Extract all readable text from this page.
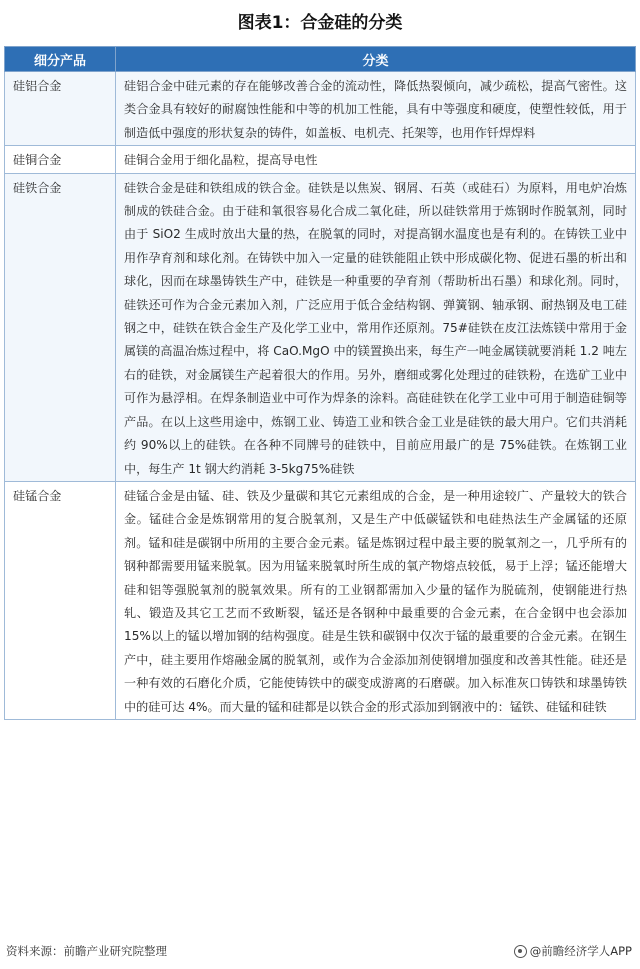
图表1：合金硅的分类
细分产品	分类
硅铝合金	硅铝合金中硅元素的存在能够改善合金的流动性，降低热裂倾向，减少疏松，提高气密性。这类合金具有较好的耐腐蚀性能和中等的机加工性能，具有中等强度和硬度，使塑性较低，用于制造低中强度的形状复杂的铸件，如盖板、电机壳、托架等，也用作钎焊焊料
硅铜合金	硅铜合金用于细化晶粒，提高导电性
硅铁合金	硅铁合金是硅和铁组成的铁合金。硅铁是以焦炭、钢屑、石英（或硅石）为原料，用电炉冶炼制成的铁硅合金。由于硅和氧很容易化合成二氧化硅，所以硅铁常用于炼钢时作脱氧剂，同时由于 SiO2 生成时放出大量的热，在脱氧的同时，对提高钢水温度也是有利的。在铸铁工业中用作孕育剂和球化剂。在铸铁中加入一定量的硅铁能阻止铁中形成碳化物、促进石墨的析出和球化，因而在球墨铸铁生产中，硅铁是一种重要的孕育剂（帮助析出石墨）和球化剂。同时，硅铁还可作为合金元素加入剂，广泛应用于低合金结构钢、弹簧钢、轴承钢、耐热钢及电工硅钢之中，硅铁在铁合金生产及化学工业中，常用作还原剂。75#硅铁在皮江法炼镁中常用于金属镁的高温冶炼过程中，将 CaO.MgO 中的镁置换出来，每生产一吨金属镁就要消耗 1.2 吨左右的硅铁，对金属镁生产起着很大的作用。另外，磨细或雾化处理过的硅铁粉，在选矿工业中可作为悬浮相。在焊条制造业中可作为焊条的涂料。高硅硅铁在化学工业中可用于制造硅铜等产品。在以上这些用途中，炼钢工业、铸造工业和铁合金工业是硅铁的最大用户。它们共消耗约 90%以上的硅铁。在各种不同牌号的硅铁中，目前应用最广的是 75%硅铁。在炼钢工业中，每生产 1t 钢大约消耗 3-5kg75%硅铁
硅锰合金	硅锰合金是由锰、硅、铁及少量碳和其它元素组成的合金，是一种用途较广、产量较大的铁合金。锰硅合金是炼钢常用的复合脱氧剂，又是生产中低碳锰铁和电硅热法生产金属锰的还原剂。锰和硅是碳钢中所用的主要合金元素。锰是炼钢过程中最主要的脱氧剂之一，几乎所有的钢种都需要用锰来脱氧。因为用锰来脱氧时所生成的氧产物熔点较低，易于上浮；锰还能增大硅和铝等强脱氧剂的脱氧效果。所有的工业钢都需加入少量的锰作为脱硫剂，使钢能进行热轧、锻造及其它工艺而不致断裂，锰还是各钢种中最重要的合金元素，在合金钢中也会添加 15%以上的锰以增加钢的结构强度。硅是生铁和碳钢中仅次于锰的最重要的合金元素。在钢生产中，硅主要用作熔融金属的脱氧剂，或作为合金添加剂使钢增加强度和改善其性能。硅还是一种有效的石磨化介质，它能使铸铁中的碳变成游离的石磨碳。加入标准灰口铸铁和球墨铸铁中的硅可达 4%。而大量的锰和硅都是以铁合金的形式添加到钢液中的：锰铁、硅锰和硅铁
资料来源：前瞻产业研究院整理	@前瞻经济学人APP
